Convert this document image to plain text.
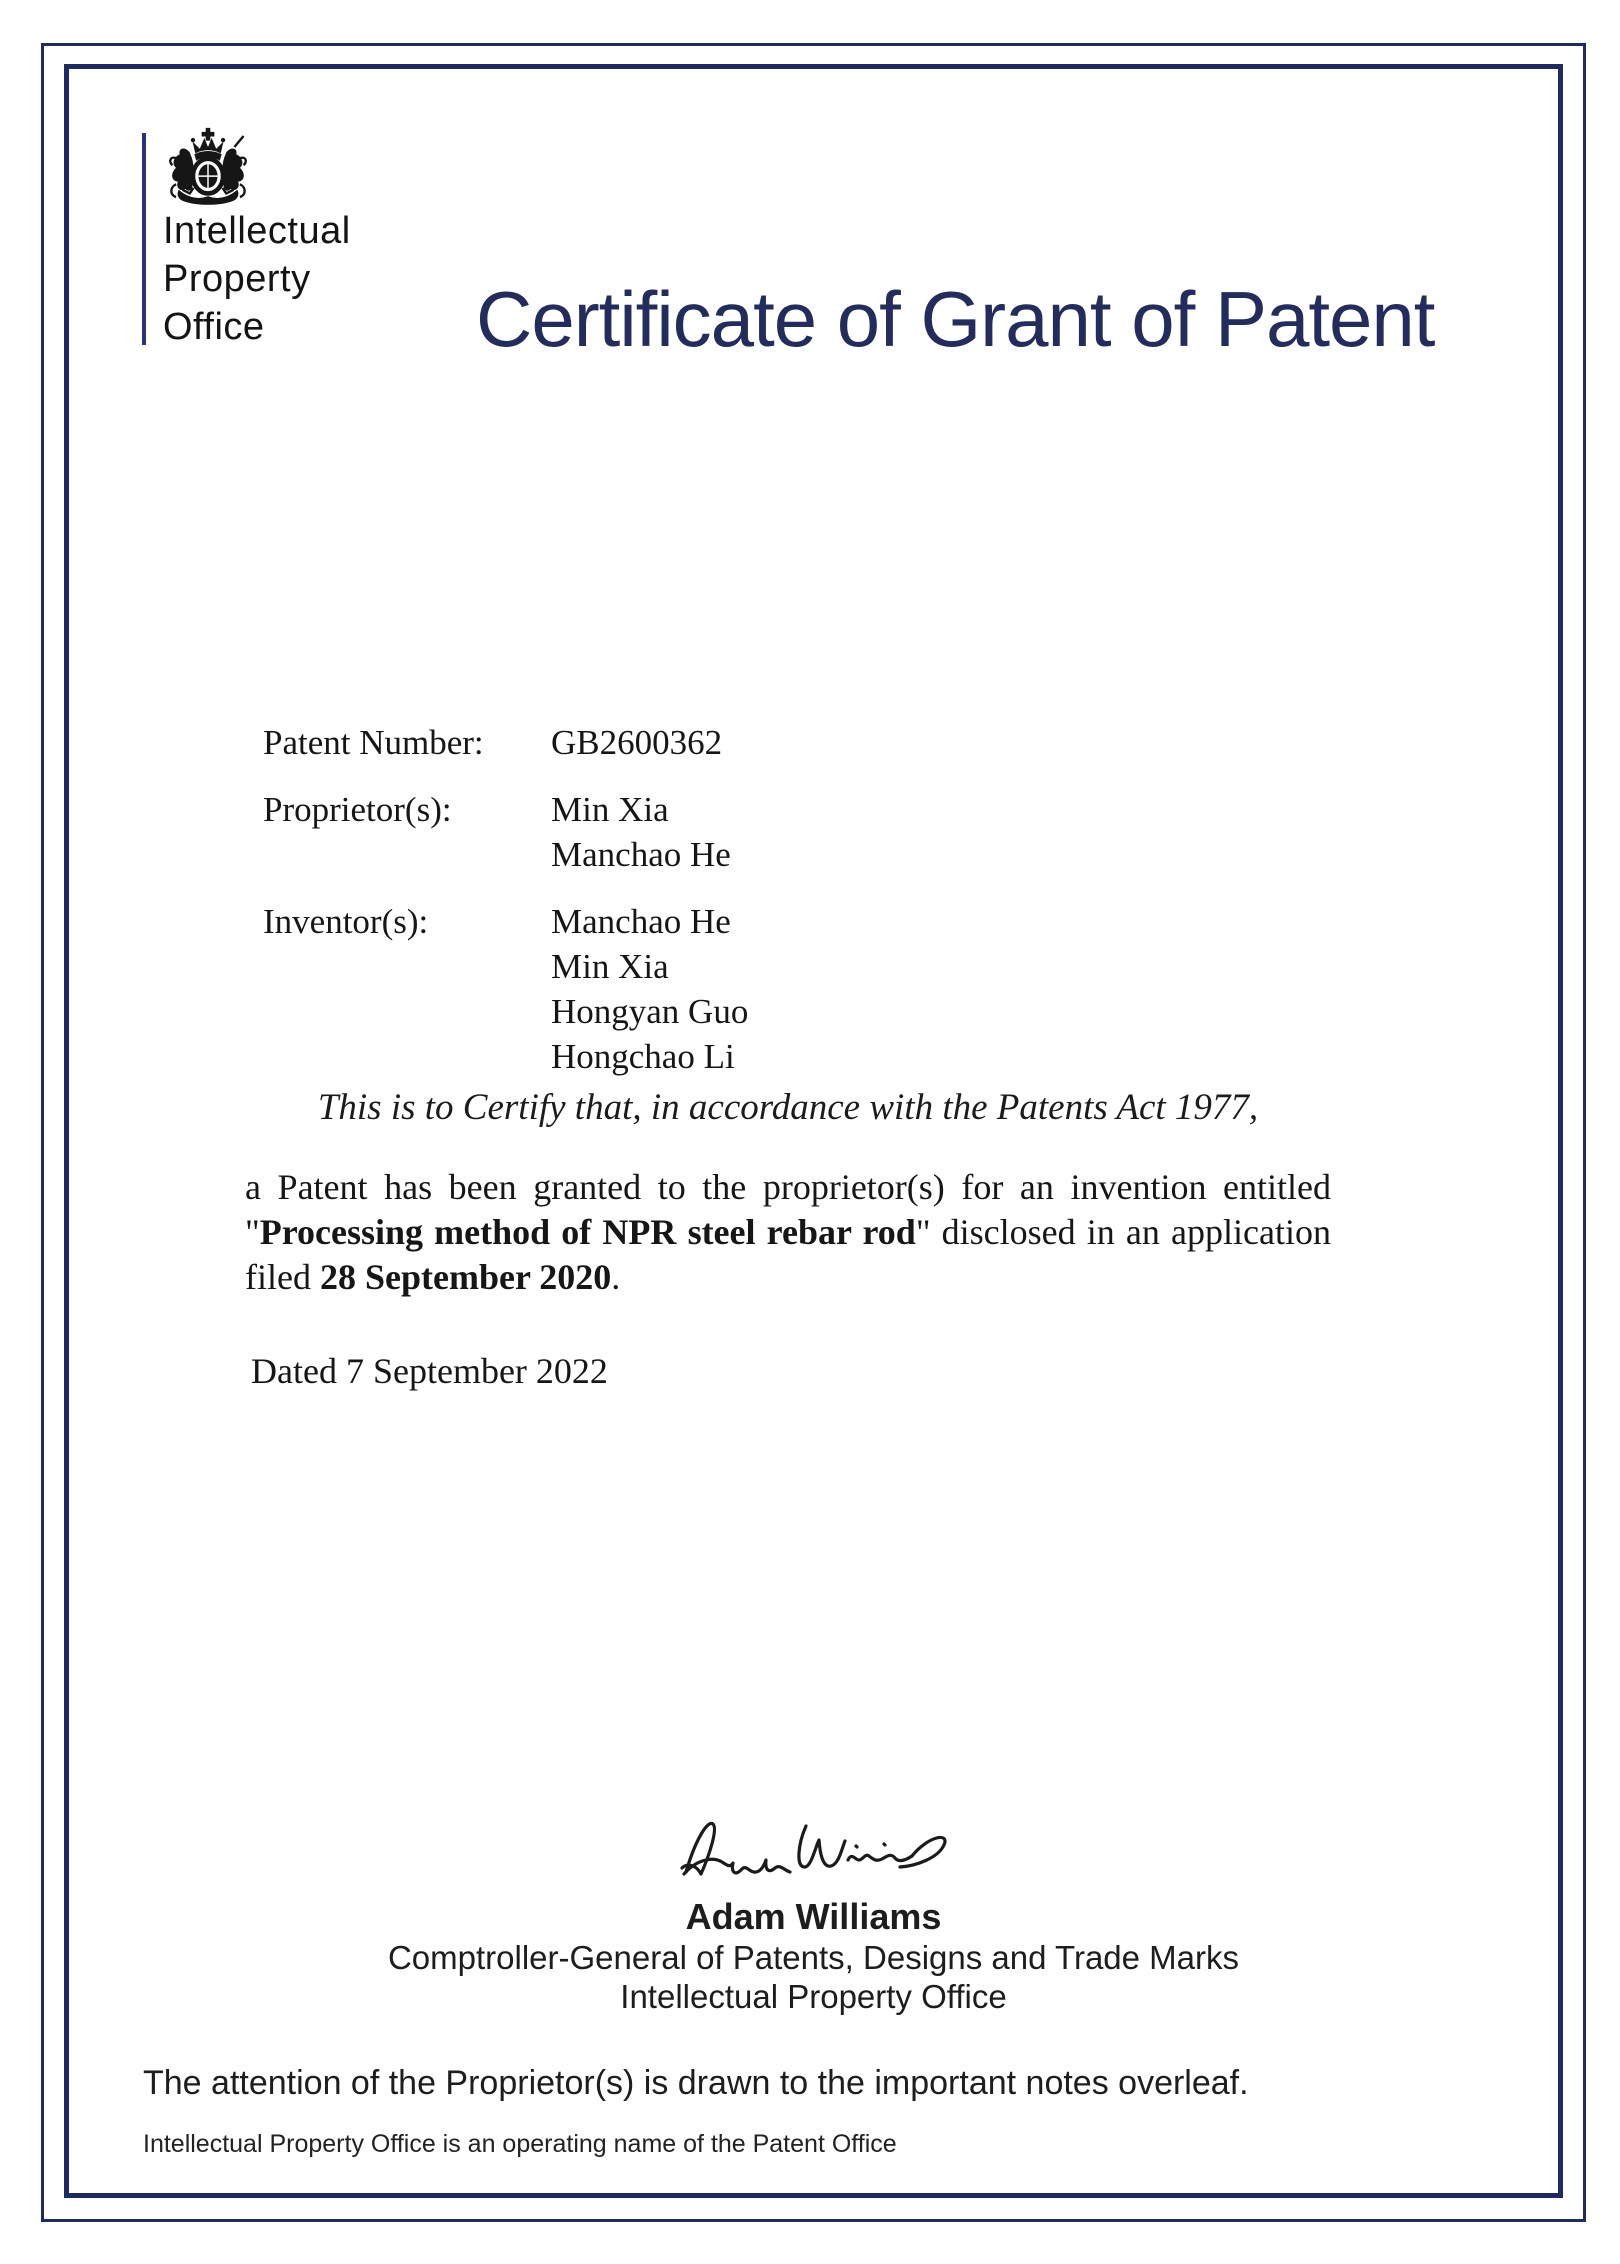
Intellectual
Property
Office	Certificate of Grant of Patent
Patent Number:	GB2600362
Proprietor(s):	Min Xia
Manchao He
Inventor(s):	Manchao He
Min Xia
Hongyan Guo
Hongchao Li
This is to Certify that, in accordance with the Patents Act 1977,
a Patent has been granted to the proprietor(s) for an invention entitled "Processing method of NPR steel rebar rod" disclosed in an application filed 28 September 2020.
Dated 7 September 2022
Adam Williams
Comptroller-General of Patents, Designs and Trade Marks
Intellectual Property Office
The attention of the Proprietor(s) is drawn to the important notes overleaf.
Intellectual Property Office is an operating name of the Patent Office
